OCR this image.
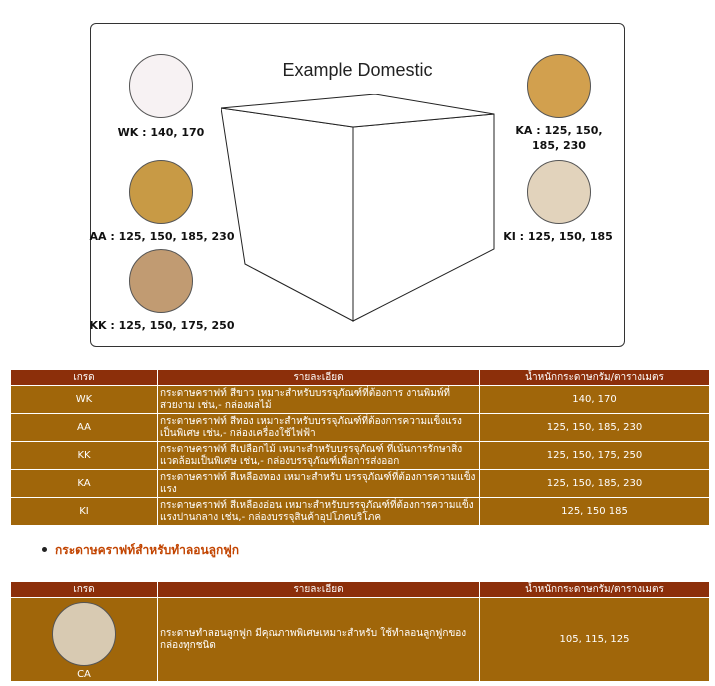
Example Domestic
WK : 140, 170
AA : 125, 150, 185, 230
KK : 125, 150, 175, 250
KA : 125, 150,
185, 230
KI : 125, 150, 185
เกรด	รายละเอียด	น้ำหนักกระดาษกรัม/ตารางเมตร
WK	กระดาษคราฟท์ สีขาว เหมาะสำหรับบรรจุภัณฑ์ที่ต้องการ งานพิมพ์ที่สวยงาม เช่น,- กล่องผลไม้	140, 170
AA	กระดาษคราฟท์ สีทอง เหมาะสำหรับบรรจุภัณฑ์ที่ต้องการความแข็งแรงเป็นพิเศษ เช่น,- กล่องเครื่องใช้ไฟฟ้า	125, 150, 185, 230
KK	กระดาษคราฟท์ สีเปลือกไม้ เหมาะสำหรับบรรจุภัณฑ์ ที่เน้นการรักษาสิ่งแวดล้อมเป็นพิเศษ เช่น,- กล่องบรรจุภัณฑ์เพื่อการส่งออก	125, 150, 175, 250
KA	กระดาษคราฟท์ สีเหลืองทอง เหมาะสำหรับ บรรจุภัณฑ์ที่ต้องการความแข็งแรง	125, 150, 185, 230
KI	กระดาษคราฟท์ สีเหลืองอ่อน เหมาะสำหรับบรรจุภัณฑ์ที่ต้องการความแข็งแรงปานกลาง เช่น,- กล่องบรรจุสินค้าอุปโภคบริโภค	125, 150 185
กระดาษคราฟท์สำหรับทำลอนลูกฟูก
เกรด	รายละเอียด	น้ำหนักกระดาษกรัม/ตารางเมตร

CA	กระดาษทำลอนลูกฟูก มีคุณภาพพิเศษเหมาะสำหรับ ใช้ทำลอนลูกฟูกของกล่องทุกชนิด	105, 115, 125
